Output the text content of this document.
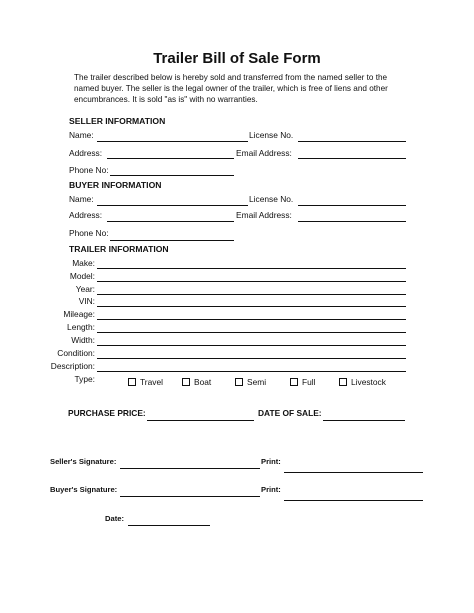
Trailer Bill of Sale Form
The trailer described below is hereby sold and transferred from the named seller to the named buyer. The seller is the legal owner of the trailer, which is free of liens and other encumbrances. It is sold "as is" with no warranties.
SELLER INFORMATION
Name:	License No.
Address:	Email Address:
Phone No:
BUYER INFORMATION
Name:	License No.
Address:	Email Address:
Phone No:
TRAILER INFORMATION
Make:
Model:
Year:
VIN:
Mileage:
Length:
Width:
Condition:
Description:
Type:	Travel	Boat	Semi	Full	Livestock
PURCHASE PRICE:	DATE OF SALE:
Seller's Signature:	Print:
Buyer's Signature:	Print:
Date:
